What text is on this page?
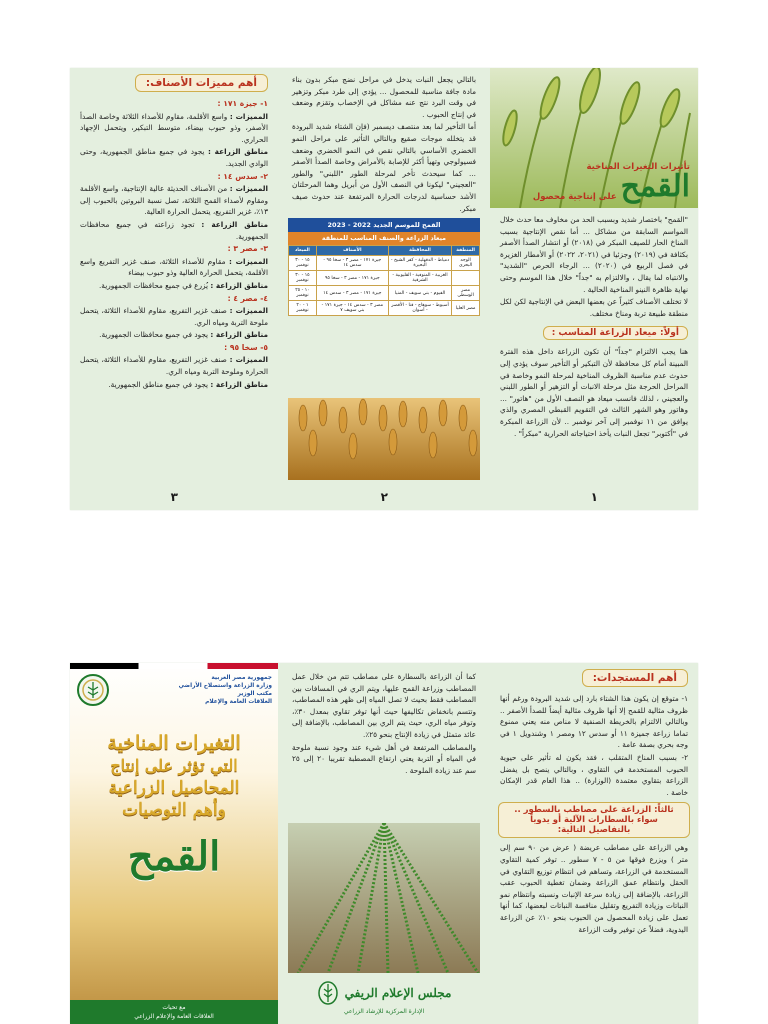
تأثيرات التغيرات المناخية
على إنتاجية محصول القمح

"القمح" باختصار شديد وبسبب الحد من مخاوف معا حدث خلال المواسم السابقة من مشاكل ... أما نقص الإنتاجية بسبب المناخ الحار للصيف المبكر في (٢٠١٨) أو انتشار الصدأ الأصفر بكثافة في (٢٠١٩) وجزئيا في (٢٠٢١، ٢٠٢٢) أو الأمطار الغزيرة في فصل الربيع في (٢٠٢٠) ... الرجاء الحرص "الشديد" والانتباه لما يقال ، والالتزام به "جداً" خلال هذا الموسم وحتى نهاية ظاهرة النينو المناخية الحالية .

لا تختلف الأصناف كثيراً عن بعضها البعض في الإنتاجية لكن لكل منطقة طبيعة تربة ومناخ مختلف.

أولاً: ميعاد الزراعة المناسب :

هنا يجب الالتزام "جداً" أن تكون الزراعة داخل هذه الفترة المبينة أمام كل محافظة لأن التبكير أو التأخير سوف يؤدي إلى حدوث عدم مناسبة الظروف المناخية لمرحلة النمو وخاصة في المراحل الحرجة مثل مرحلة الانبات أو التزهير أو الطور اللبني والعجيني ، لذلك فانسب ميعاد هو النصف الأول من "هاتور" ... وهاتور وهو الشهر الثالث في التقويم القبطي المصري والذي يوافق من ١١ نوفمبر إلى آخر نوفمبر .. لأن الزراعة المبكرة في "أكتوبر" تجعل النبات يأخذ احتياجاته الحرارية "مبكراً" .

١

بالتالي يجعل النبات يدخل في مراحل نضج مبكر بدون بناء مادة جافة مناسبة للمحصول ... يؤدي إلى طرد مبكر وتزهير في وقت البرد نتج عنه مشاكل في الإخصاب وتقزم وضعف في إنتاج الحبوب .

أما التأخير لما بعد منتصف ديسمبر (فإن الشتاء شديد البرودة قد يتخلله موجات صقيع وبالتالي التأثير على مراحل النمو الخضري الأساسي بالتالي نقص في النمو الخضري وضعف فسيولوجي وتهيأ أكثر للإصابة بالأمراض وخاصة الصدأ الأصفر ... كما سيحدث تأخر لمرحلة الطور "اللبني" والطور "العجيني" ليكونا في النصف الأول من أبريل وهما المرحلتان الأشد حساسية لدرجات الحرارة المرتفعة عند حدوث صيف مبكر.

القمح للموسم الجديد 2022 - 2023
ميعاد الزراعة والصنف المناسب للمنطقة
المنطقة	المحافظة	الأصناف	الميعاد
الوجه البحري	دمياط - الدقهلية - كفر الشيخ - البحيرة	جيزة ١٧١ - مصر ٣ - سخا ٩٥ - سدس ١٤	١٥ - ٣٠ نوفمبر
	الغربية - المنوفية - القليوبية - الشرقية	جيزة ١٧١ - مصر ٣ - سخا ٩٥	١٥ - ٣٠ نوفمبر
مصر الوسطى	الفيوم - بني سويف - المنيا	جيزة ١٧١ - مصر ٣ - سدس ١٤	١٠ - ٢٥ نوفمبر
مصر العليا	أسيوط - سوهاج - قنا - الأقصر - أسوان	مصر ٣ - سدس ١٤ - جيزة ١٧١ - بني سويف ٧	١ - ٢٠ نوفمبر
٢
أهم مميزات الأصناف:

١- جيزة ١٧١ :

المميزات : واسع الأقلمة، مقاوم للأصداء الثلاثة وخاصة الصدأ الأصفر، وذو حبوب بيضاء، متوسط التبكير، ويتحمل الإجهاد الحراري.

مناطق الزراعة : يجود في جميع مناطق الجمهورية، وحتى الوادي الجديد.

٢- سدس ١٤ :

المميزات : من الأصناف الحديثة عالية الإنتاجية، واسع الأقلمة ومقاوم لأصداء القمح الثلاثة، تصل نسبة البروتين بالحبوب إلى ١٣٪، غزير التفريع، يتحمل الحرارة العالية.

مناطق الزراعة : تجود زراعته في جميع محافظات الجمهورية.

٣- مصر ٣ :

المميزات : مقاوم للأصداء الثلاثة، صنف غزير التفريع واسع الأقلمة، يتحمل الحرارة العالية وذو حبوب بيضاء

مناطق الزراعة : يُزرع في جميع محافظات الجمهورية.

٤- مصر ٤ :

المميزات : صنف غزير التفريع، مقاوم للأصداء الثلاثة، يتحمل ملوحة التربة ومياه الري.

مناطق الزراعة : يجود في جميع محافظات الجمهورية.

٥- سخا ٩٥ :

المميزات : صنف غزير التفريع، مقاوم للأصداء الثلاثة، يتحمل الحرارة وملوحة التربة ومياه الري.

مناطق الزراعة : يجود في جميع مناطق الجمهورية.

٣
أهم المستجدات:

١- متوقع إن يكون هذا الشتاء بارد إلى شديد البرودة ورغم أنها ظروف مثالية للقمح إلا أنها ظروف مثالية أيضاً للصدأ الأصفر .. وبالتالي الالتزام بالخريطة الصنفية لا مناص منه يعني ممنوع تماما زراعة جميزة ١١ أو سدس ١٢ ومصر ١ وشندويل ١ في وجه بحري بصفة عامة .

٢- بسبب المناخ المتقلب ، فقد يكون له تأثير على حيوية الحبوب المستخدمة في التقاوي ، وبالتالي ينصح بل يفضل الزراعة بتقاوي معتمدة (الوزارة) .. هذا العام قدر الإمكان خاصة .

ثالثاً: الزراعة على مصاطب بالسطور ..
سواء بالسطارات الآلية أو يدوياً
بالتفاصيل التالية:

وهي الزراعة على مصاطب عريضة ( عرض من ٩٠ سم إلى متر ) ويزرع فوقها من ٥ - ٧ سطور .. توفر كمية التقاوي المستخدمة في الزراعة، وتساهم في انتظام توزيع التقاوي في الحقل وانتظام عمق الزراعة وضمان تغطية الحبوب عقب الزراعة، بالإضافة إلى زيادة سرعة الإنبات ونسبته وانتظام نمو النباتات وزيادة التفريع وتقليل منافسة النباتات لبعضها، كما أنها تعمل على زيادة المحصول من الحبوب بنحو ١٠٪ عن الزراعة اليدوية، فضلاً عن توفير وقت الزراعة

كما أن الزراعة بالسطارة على مصاطب تتم من خلال عمل المصاطب وزراعة القمح عليها، ويتم الري في المسافات بين المصاطب فقط بحيث لا تصل المياه إلى ظهر هذه المصاطب، وتتسم بانخفاض تكاليفها حيث أنها توفر تقاوي بمعدل ٣٠٪، وتوفر مياه الري، حيث يتم الري بين المصاطب، بالإضافة إلى عائد متمثل في زيادة الإنتاج بنحو ٢٥٪.

والمصاطب المرتفعة في أهل شيء عند وجود نسبة ملوحة في المياه أو التربة يعني ارتفاع المصطبة تقريبا ٢٠ إلى ٢٥ سم عند زيادة الملوحة .

مجلس الإعلام الريفي
الإدارة المركزية للإرشاد الزراعي
جمهورية مصر العربية
وزارة الزراعة واستصلاح الأراضي
مكتب الوزير
العلاقات العامة والإعلام
التغيرات المناخية
التي تؤثر على إنتاج
المحاصيل الزراعية
وأهم التوصيات
القمح
مع تحيات
العلاقات العامة والإعلام الزراعي
